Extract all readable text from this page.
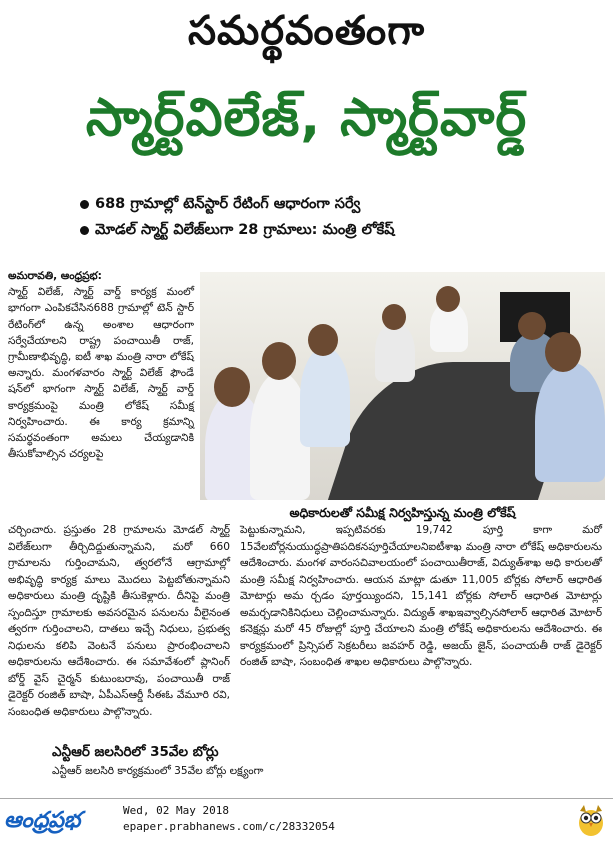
సమర్థవంతంగా
స్మార్ట్‌విలేజ్‌, స్మార్ట్‌వార్డ్‌
688 గ్రామాల్లో టెన్‌స్టార్‌ రేటింగ్‌ ఆధారంగా సర్వే
మోడల్‌ స్మార్ట్‌ విలేజ్‌లుగా 28 గ్రామాలు: మంత్రి లోకేష్‌

అమరావతి, ఆంధ్రప్రభ:

స్మార్ట్‌ విలేజ్‌, స్మార్ట్‌ వార్డ్‌ కార్యక్ర మంలో భాగంగా ఎంపికచేసిన688 గ్రామాల్లో టెన్‌ స్టార్‌ రేటింగ్‌లో ఉన్న అంశాల ఆధారంగా సర్వేచేయాలని రాష్ట్ర పంచాయితీ రాజ్‌, గ్రామీణాభివృద్ధి, ఐటీ శాఖ మంత్రి నారా లోకేష్‌ అన్నారు. మంగళవారం స్మార్ట్‌ విలేజ్‌ ఫౌండే షన్‌లో భాగంగా స్మార్ట్‌ విలేజ్‌, స్మార్ట్‌ వార్డ్‌ కార్యక్రమంపై మంత్రి లోకేష్‌ సమీక్ష నిర్వహించారు. ఈ కార్య క్రమాన్ని సమర్థవంతంగా అమలు చేయ్యడానికి తీసుకోవాల్సిన చర్యలపై

అధికారులతో సమీక్ష నిర్వహిస్తున్న మంత్రి లోకేష్‌
చర్చించారు. ప్రస్తుతం 28 గ్రామాలను మోడల్‌ స్మార్ట్‌ విలేజ్‌లుగా తీర్చిదిద్దుతున్నామని, మరో 660 గ్రామాలను గుర్తించామని, త్వరలోనే ఆగ్రామాల్లో అభివృద్ధి కార్యక్ర మాలు మొదలు పెట్టబోతున్నామని అధికారులు మంత్రి దృష్టికి తీసుకెళ్లారు. దీనిపై మంత్రి స్పందిస్తూ గ్రామాలకు అవసరమైన పనులను వీలైనంత త్వరగా గుర్తించాలని, దాతలు ఇచ్చే నిధులు, ప్రభుత్వ నిధులను కలిపి వెంటనే పనులు ప్రారంభించాలని అధికారులను ఆదేశించారు. ఈ సమావేశంలో ప్లానింగ్‌ బోర్డ్‌ వైస్‌ చైర్మన్‌ కుటుంబరావు, పంచాయితీ రాజ్‌ డైరెక్టర్‌ రంజిత్‌ బాషా, ఏపీఎస్‌ఆర్డీ సీఈఓ వేమూరి రవి, సంబంధిత అధికారులు పాల్గొన్నారు.
పెట్టుకున్నామని, ఇప్పటివరకు 19,742 పూర్తి కాగా మరో 15వేలబోర్లనుయుద్ధప్రాతిపదికనపూర్తిచేయాలనిఐటీశాఖ మంత్రి నారా లోకేష్‌ అధికారులను ఆదేశించారు. మంగళ వారంసచివాలయంలో పంచాయితీరాజ్‌, విద్యుత్‌శాఖ అధి కారులతో మంత్రి సమీక్ష నిర్వహించారు. ఆయన మాట్లా డుతూ 11,005 బోర్లకు సోలార్‌ ఆధారిత మోటార్లు అమ ర్చడం పూర్తయ్యిందని, 15,141 బోర్లకు సోలార్‌ ఆధారిత మోటార్లు అమర్చడానికినిధులు చెల్లించామన్నారు. విద్యుత్‌ శాఖఇవ్వాల్సినసోలార్‌ ఆధారిత మోటార్‌ కనెక్షన్లు మరో 45 రోజుల్లో పూర్తి చేయాలని మంత్రి లోకేష్‌ అధికారులను ఆదేశించారు. ఈ కార్యక్రమంలో ప్రిన్సిపల్‌ సెక్రటరీలు జవహర్‌ రెడ్డి, అజయ్‌ జైన్‌, పంచాయతీ రాజ్‌ డైరెక్టర్‌ రంజిత్‌ బాషా, సంబంధిత శాఖల అధికారులు పాల్గొన్నారు.
ఎన్టీఆర్‌ జలసిరిలో 35వేల బోర్లు
ఎన్టీఆర్‌ జలసిరి కార్యక్రమంలో 35వేల బోర్లు లక్ష్యంగా
ఆంధ్రప్రభ	Wed, 02 May 2018
epaper.prabhanews.com/c/28332054
